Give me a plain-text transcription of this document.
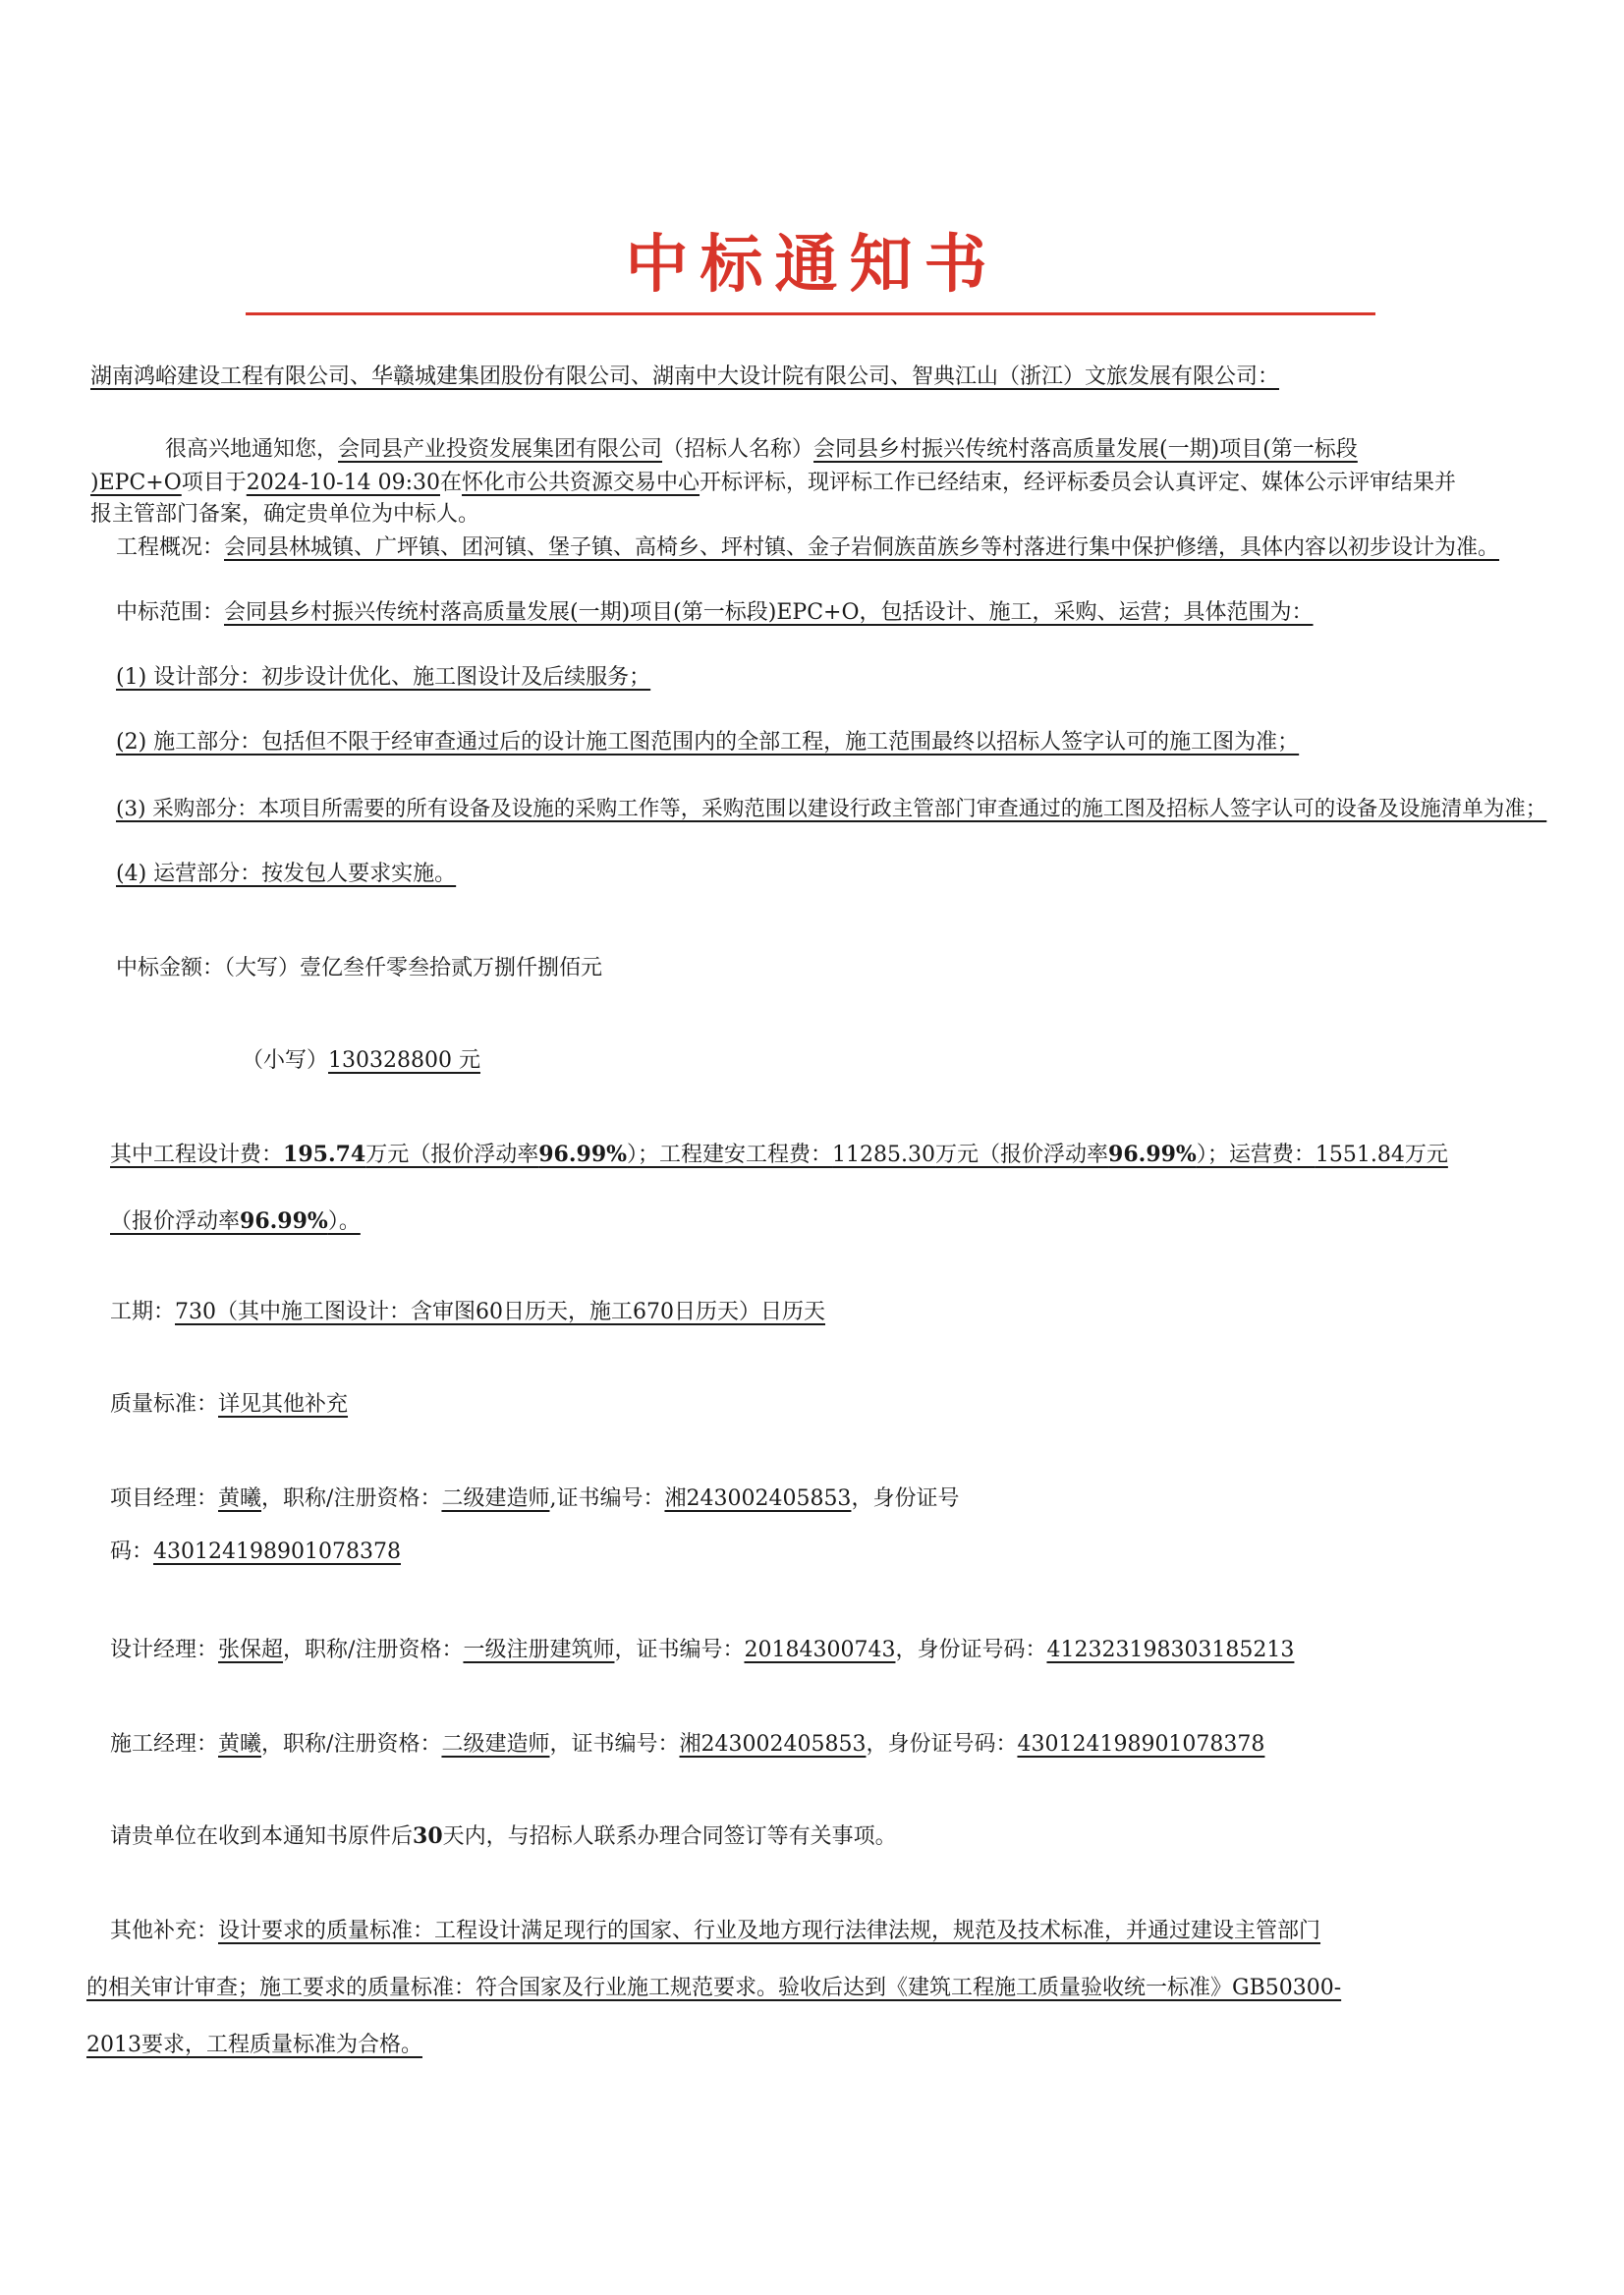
中标通知书
湖南鸿峪建设工程有限公司、华赣城建集团股份有限公司、湖南中大设计院有限公司、智典江山（浙江）文旅发展有限公司：
很高兴地通知您，会同县产业投资发展集团有限公司（招标人名称）会同县乡村振兴传统村落高质量发展(一期)项目(第一标段
)EPC+O项目于2024-10-14 09:30在怀化市公共资源交易中心开标评标，现评标工作已经结束，经评标委员会认真评定、媒体公示评审结果并
报主管部门备案，确定贵单位为中标人。
工程概况：会同县林城镇、广坪镇、团河镇、堡子镇、高椅乡、坪村镇、金子岩侗族苗族乡等村落进行集中保护修缮，具体内容以初步设计为准。
中标范围：会同县乡村振兴传统村落高质量发展(一期)项目(第一标段)EPC+O，包括设计、施工，采购、运营；具体范围为：
(1) 设计部分：初步设计优化、施工图设计及后续服务；
(2) 施工部分：包括但不限于经审查通过后的设计施工图范围内的全部工程，施工范围最终以招标人签字认可的施工图为准；
(3) 采购部分：本项目所需要的所有设备及设施的采购工作等，采购范围以建设行政主管部门审查通过的施工图及招标人签字认可的设备及设施清单为准；
(4) 运营部分：按发包人要求实施。
中标金额：（大写）壹亿叁仟零叁拾贰万捌仟捌佰元
（小写）130328800 元
其中工程设计费：195.74万元（报价浮动率96.99%）；工程建安工程费：11285.30万元（报价浮动率96.99%）；运营费：1551.84万元
（报价浮动率96.99%）。
工期：730（其中施工图设计：含审图60日历天，施工670日历天）日历天
质量标准：详见其他补充
项目经理：黄曦，职称/注册资格：二级建造师,证书编号：湘243002405853，身份证号
码：430124198901078378
设计经理：张保超，职称/注册资格：一级注册建筑师，证书编号：20184300743，身份证号码：412323198303185213
施工经理：黄曦，职称/注册资格：二级建造师，证书编号：湘243002405853，身份证号码：430124198901078378
请贵单位在收到本通知书原件后30天内，与招标人联系办理合同签订等有关事项。
其他补充：设计要求的质量标准：工程设计满足现行的国家、行业及地方现行法律法规，规范及技术标准，并通过建设主管部门
的相关审计审查；施工要求的质量标准：符合国家及行业施工规范要求。验收后达到《建筑工程施工质量验收统一标准》GB50300-
2013要求，工程质量标准为合格。
